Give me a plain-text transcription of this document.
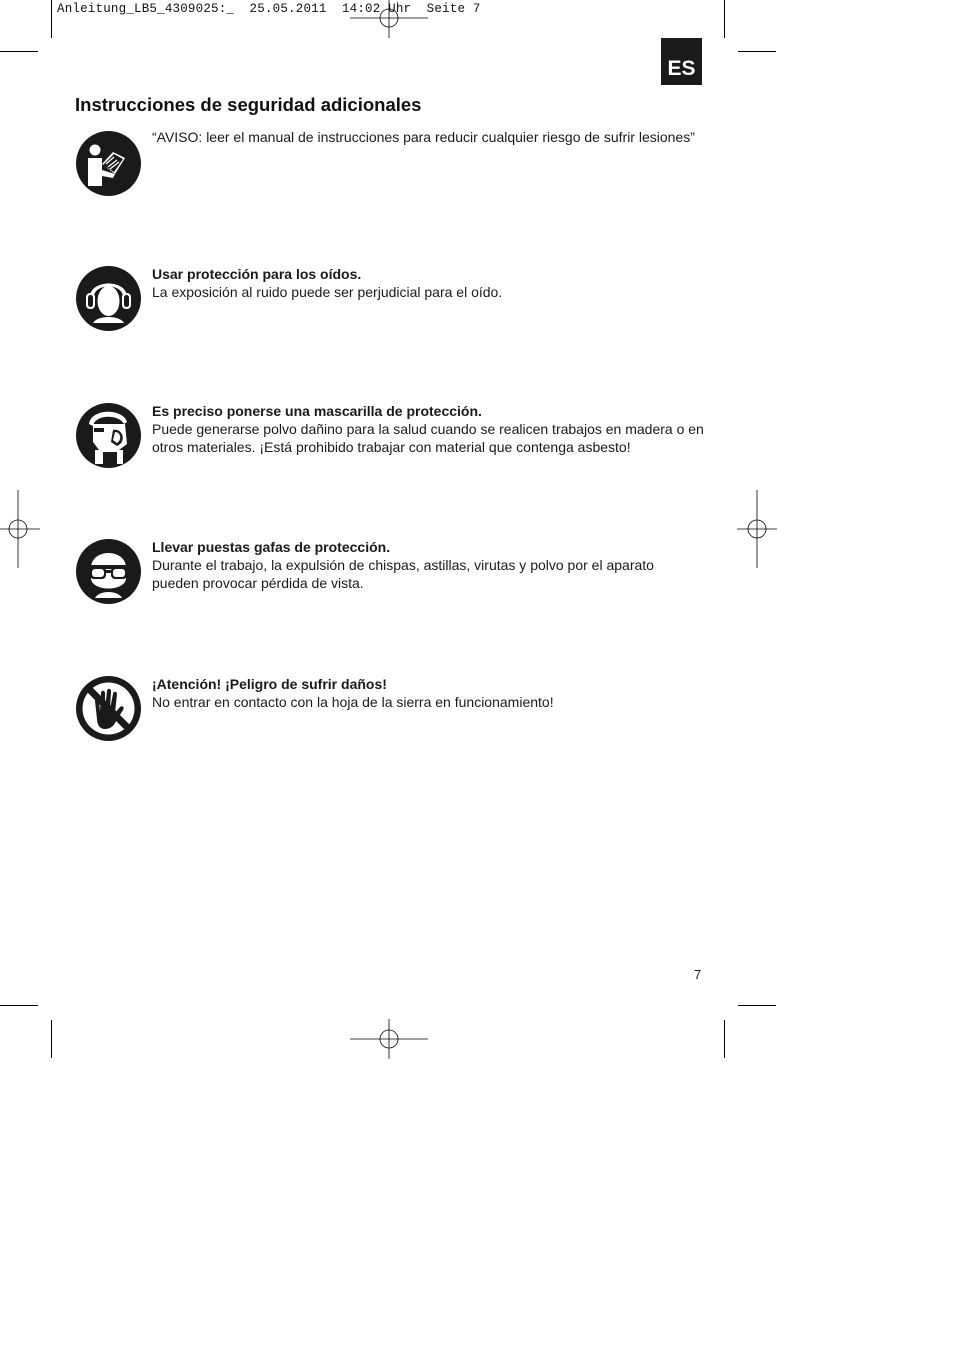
Anleitung_LB5_4309025:_  25.05.2011  14:02 Uhr  Seite 7
ES
Instrucciones de seguridad adicionales
“AVISO: leer el manual de instrucciones para reducir cualquier riesgo de sufrir lesiones”
Usar protección para los oídos.
La exposición al ruido puede ser perjudicial para el oído.
Es preciso ponerse una mascarilla de protección.
Puede generarse polvo dañino para la salud cuando se realicen trabajos en madera o en otros materiales. ¡Está prohibido trabajar con material que contenga asbesto!
Llevar puestas gafas de protección.
Durante el trabajo, la expulsión de chispas, astillas, virutas y polvo por el aparato pueden provocar pérdida de vista.
¡Atención! ¡Peligro de sufrir daños!
No entrar en contacto con la hoja de la sierra en funcionamiento!
7
